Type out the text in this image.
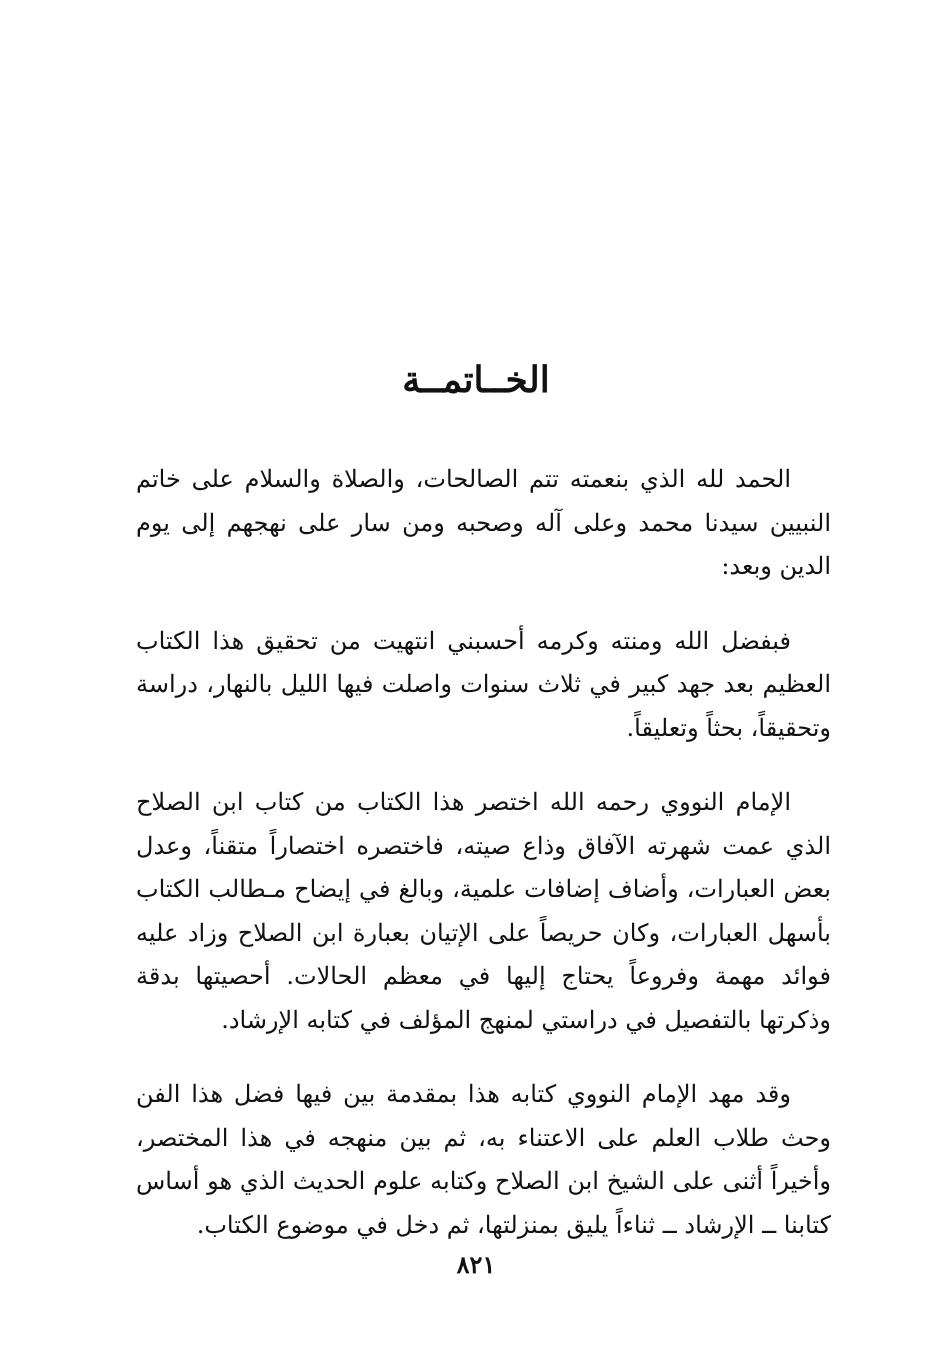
الخــاتمــة

الحمد لله الذي بنعمته تتم الصالحات، والصلاة والسلام على خاتم النبيين سيدنا محمد وعلى آله وصحبه ومن سار على نهجهم إلى يوم الدين وبعد:

فبفضل الله ومنته وكرمه أحسبني انتهيت من تحقيق هذا الكتاب العظيم بعد جهد كبير في ثلاث سنوات واصلت فيها الليل بالنهار، دراسة وتحقيقاً، بحثاً وتعليقاً.

الإمام النووي رحمه الله اختصر هذا الكتاب من كتاب ابن الصلاح الذي عمت شهرته الآفاق وذاع صيته، فاختصره اختصاراً متقناً، وعدل بعض العبارات، وأضاف إضافات علمية، وبالغ في إيضاح مـطالب الكتاب بأسهل العبارات، وكان حريصاً على الإتيان بعبارة ابن الصلاح وزاد عليه فوائد مهمة وفروعاً يحتاج إليها في معظم الحالات. أحصيتها بدقة وذكرتها بالتفصيل في دراستي لمنهج المؤلف في كتابه الإرشاد.

وقد مهد الإمام النووي كتابه هذا بمقدمة بين فيها فضل هذا الفن وحث طلاب العلم على الاعتناء به، ثم بين منهجه في هذا المختصر، وأخيراً أثنى على الشيخ ابن الصلاح وكتابه علوم الحديث الذي هو أساس كتابنا ــ الإرشاد ــ ثناءاً يليق بمنزلتها، ثم دخل في موضوع الكتاب.

٨٢١
